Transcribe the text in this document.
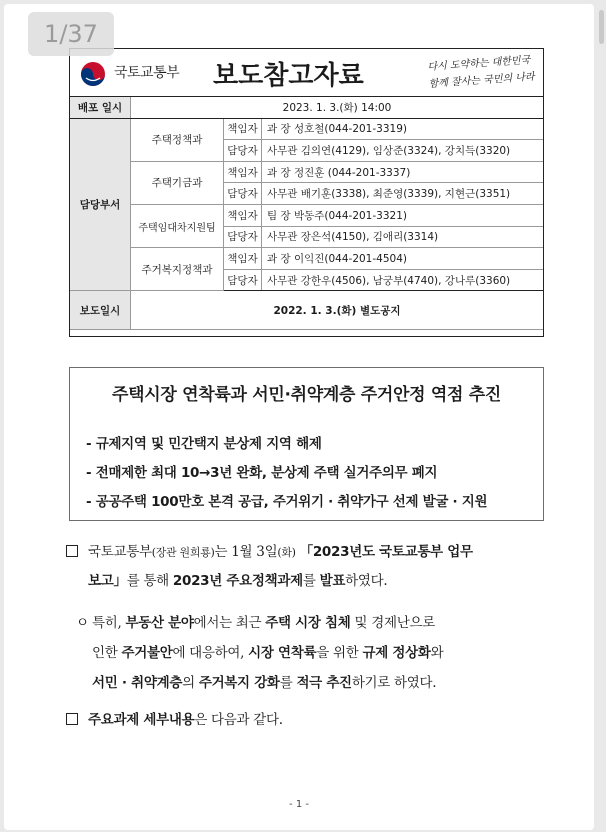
국토교통부 보도참고자료	다시 도약하는 대한민국
함께 잘사는 국민의 나라
배포 일시	2023. 1. 3.(화) 14:00		
담당부서	주택정책과	책임자	과 장 성호철(044-201-3319)
		담당자	사무관 김의연(4129), 임상준(3324), 강치득(3320)
	주택기금과	책임자	과 장 정진훈 (044-201-3337)
		담당자	사무관 배기훈(3338), 최준영(3339), 지현근(3351)
	주택임대차지원팀	책임자	팀 장 박동주(044-201-3321)
		담당자	사무관 장은석(4150), 김애리(3314)
	주거복지정책과	책임자	과 장 이익진(044-201-4504)
		담당자	사무관 강한우(4506), 남궁부(4740), 강나루(3360)
보도일시	2022. 1. 3.(화) 별도공지		
주택시장 연착륙과 서민·취약계층 주거안정 역점 추진
- 규제지역 및 민간택지 분상제 지역 해제
- 전매제한 최대 10→3년 완화, 분상제 주택 실거주의무 폐지
- 공공주택 100만호 본격 공급, 주거위기 · 취약가구 선제 발굴 · 지원
국토교통부(장관 원희룡)는 1월 3일(화) 「2023년도 국토교통부 업무
보고」를 통해 2023년 주요정책과제를 발표하였다.
ㅇ 특히, 부동산 분야에서는 최근 주택 시장 침체 및 경제난으로
인한 주거불안에 대응하여, 시장 연착륙을 위한 규제 정상화와
서민 · 취약계층의 주거복지 강화를 적극 추진하기로 하였다.
주요과제 세부내용은 다음과 같다.
- 1 -
1/37
